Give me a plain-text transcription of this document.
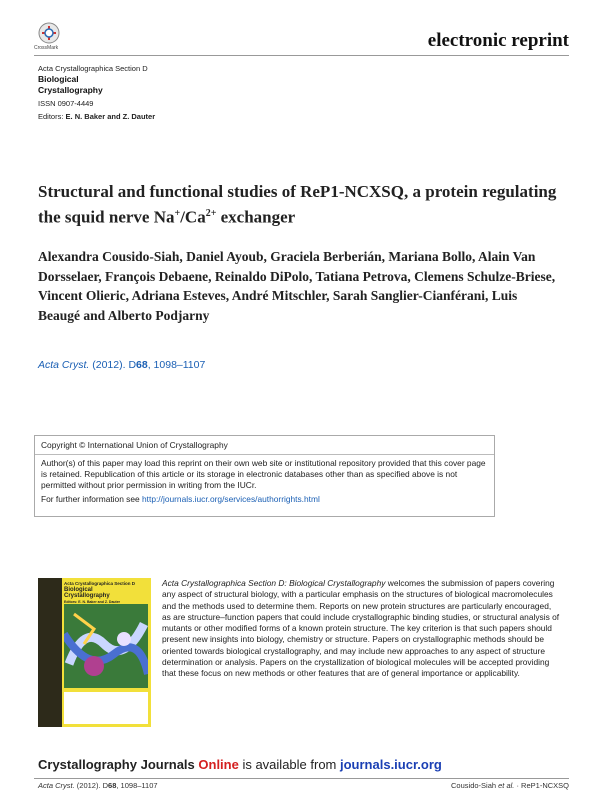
CrossMark	electronic reprint
Acta Crystallographica Section D
Biological
Crystallography
ISSN 0907-4449
Editors: E. N. Baker and Z. Dauter
Structural and functional studies of ReP1-NCXSQ, a protein regulating the squid nerve $Na^+/Ca^{2+}$ exchanger
Alexandra Cousido-Siah, Daniel Ayoub, Graciela Berberián, Mariana Bollo, Alain Van Dorsselaer, François Debaene, Reinaldo DiPolo, Tatiana Petrova, Clemens Schulze-Briese, Vincent Olieric, Adriana Esteves, André Mitschler, Sarah Sanglier-Cianférani, Luis Beaugé and Alberto Podjarny
Acta Cryst. (2012). D68, 1098–1107

Copyright © International Union of Crystallography

Author(s) of this paper may load this reprint on their own web site or institutional repository provided that this cover page is retained. Republication of this article or its storage in electronic databases other than as specified above is not permitted without prior permission in writing from the IUCr.

For further information see http://journals.iucr.org/services/authorrights.html

Acta Crystallographica Section D
Biological
Crystallography
Editors: E. N. Baker and Z. Dauter
Acta Crystallographica Section D: Biological Crystallography welcomes the submission of papers covering any aspect of structural biology, with a particular emphasis on the structures of biological macromolecules and the methods used to determine them. Reports on new protein structures are particularly encouraged, as are structure–function papers that could include crystallographic binding studies, or structural analysis of mutants or other modified forms of a known protein structure. The key criterion is that such papers should present new insights into biology, chemistry or structure. Papers on crystallographic methods should be oriented towards biological crystallography, and may include new approaches to any aspect of structure determination or analysis. Papers on the crystallization of biological molecules will be accepted providing that these focus on new methods or other features that are of general importance or applicability.
Crystallography Journals Online is available from journals.iucr.org
Acta Cryst. (2012). D68, 1098–1107	Cousido-Siah et al. · ReP1-NCXSQ
